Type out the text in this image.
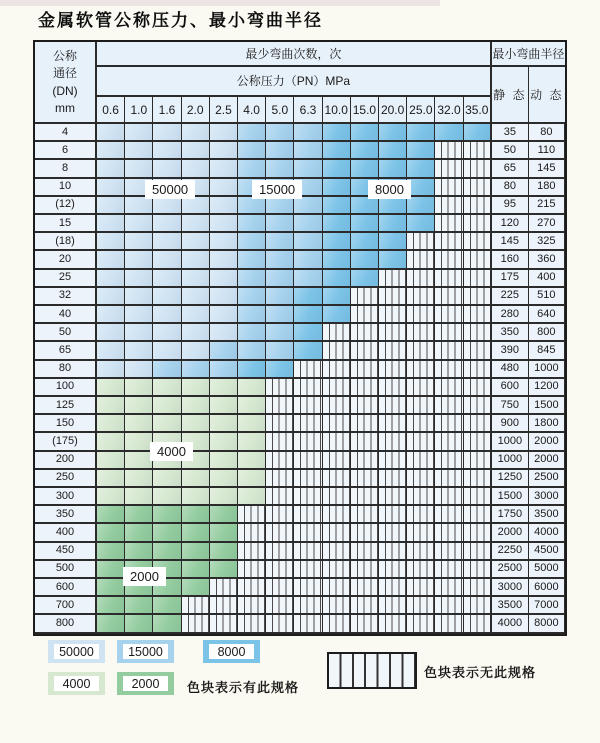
金属软管公称压力、最小弯曲半径
公称
通径
(DN)
mm
最少弯曲次数，次	最小弯曲半径
公称压力（PN）MPa
静 态 动 态
0.6 1.0 1.6 2.0 2.5 4.0 5.0 6.3 10.0 15.0 20.0 25.0 32.0 35.0
4	35	80
6	50	110
8	65	145
10	80	180
(12)	95	215
15	120	270
(18)	145	325
20	160	360
25	175	400
32	225	510
40	280	640
50	350	800
65	390	845
80	480	1000
100	600	1200
125	750	1500
150	900	1800
(175)	1000	2000
200	1000	2000
250	1250	2500
300	1500	3000
350	1750	3500
400	2000	4000
450	2250	4500
500	2500	5000
600	3000	6000
700	3500	7000
800	4000	8000
50000	15000	8000
4000
2000
色块表示有此规格
色块表示无此规格
50000	15000	8000
4000	2000
